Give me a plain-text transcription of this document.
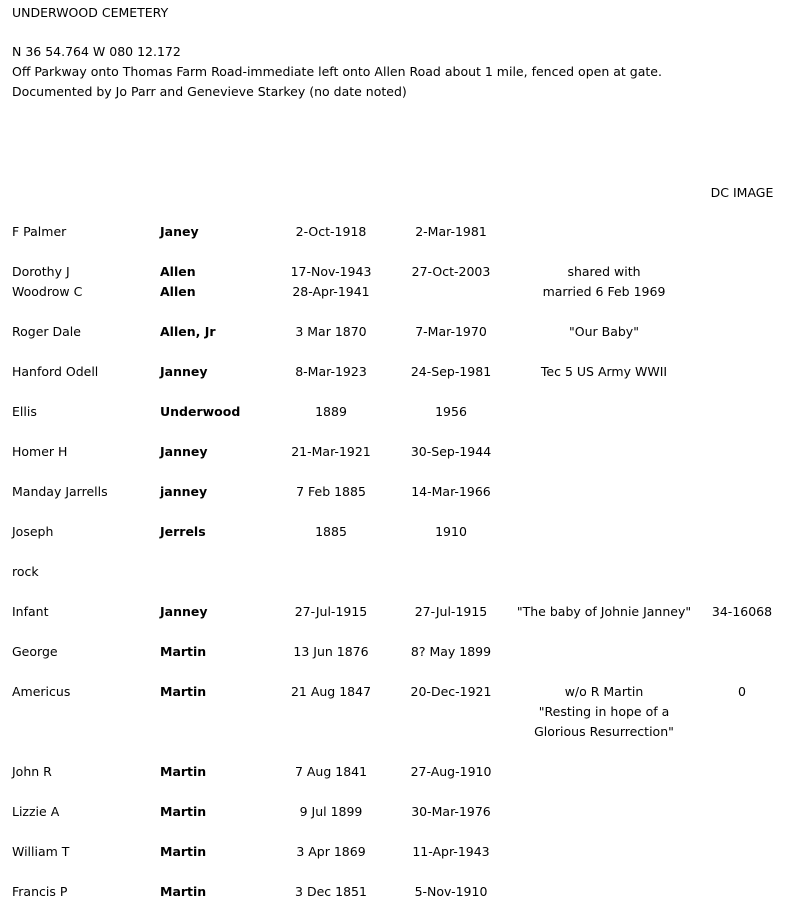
UNDERWOOD CEMETERY
N 36 54.764 W 080 12.172
Off Parkway onto Thomas Farm Road-immediate left onto Allen Road about 1 mile, fenced open at gate.
Documented by Jo Parr and Genevieve Starkey (no date noted)
DC IMAGE
F Palmer	Janey	2-Oct-1918	2-Mar-1981
Dorothy J	Allen	17-Nov-1943	27-Oct-2003	shared with
Woodrow C	Allen	28-Apr-1941	married 6 Feb 1969
Roger Dale	Allen, Jr	3 Mar 1870	7-Mar-1970	"Our Baby"
Hanford Odell	Janney	8-Mar-1923	24-Sep-1981	Tec 5 US Army WWII
Ellis	Underwood	1889	1956
Homer H	Janney	21-Mar-1921	30-Sep-1944
Manday Jarrells	janney	7 Feb 1885	14-Mar-1966
Joseph	Jerrels	1885	1910
rock
Infant	Janney	27-Jul-1915	27-Jul-1915	"The baby of Johnie Janney"	34-16068
George	Martin	13 Jun 1876	8? May 1899
Americus	Martin	21 Aug 1847	20-Dec-1921	w/o R Martin	0
"Resting in hope of a
Glorious Resurrection"
John R	Martin	7 Aug 1841	27-Aug-1910
Lizzie A	Martin	9 Jul 1899	30-Mar-1976
William T	Martin	3 Apr 1869	11-Apr-1943
Francis P	Martin	3 Dec 1851	5-Nov-1910
